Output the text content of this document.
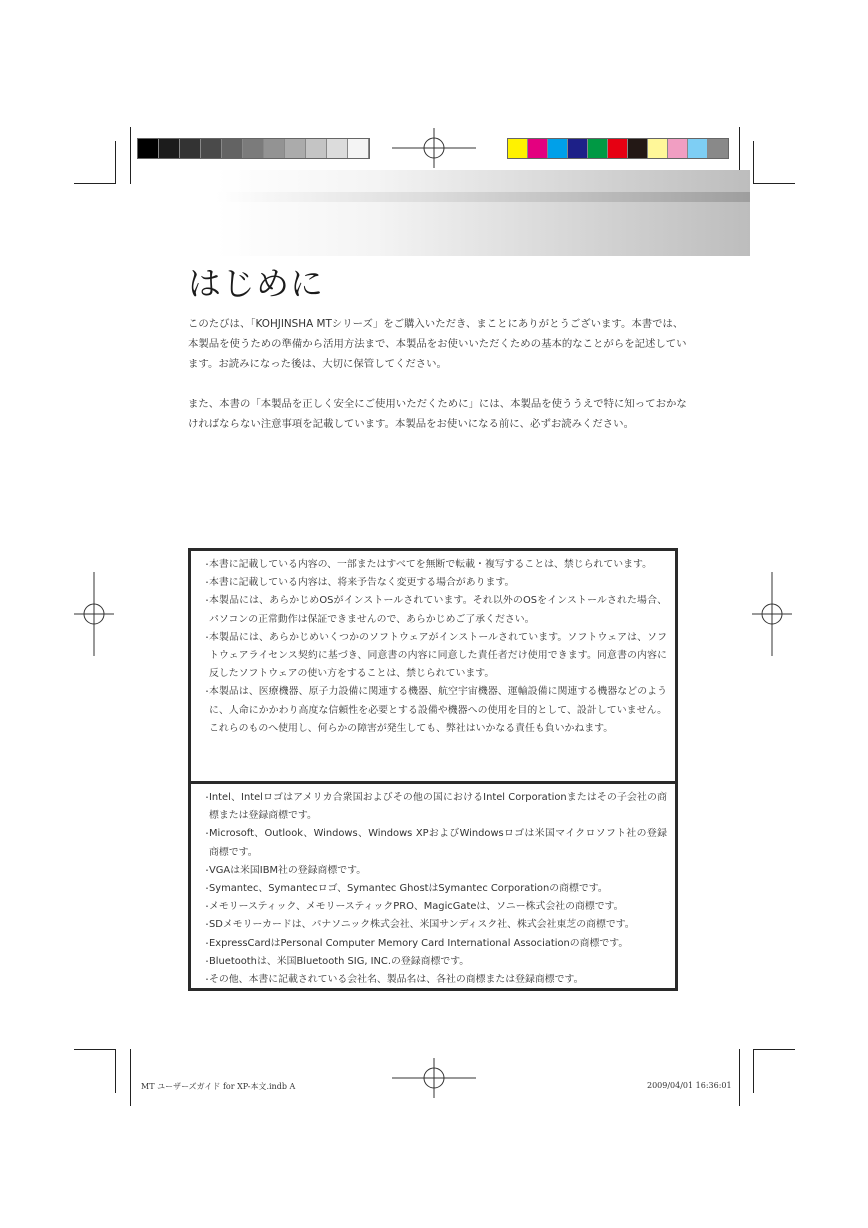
はじめに

このたびは、「KOHJINSHA MTシリーズ」をご購入いただき、まことにありがとうございます。本書では、本製品を使うための準備から活用方法まで、本製品をお使いいただくための基本的なことがらを記述しています。お読みになった後は、大切に保管してください。

また、本書の「本製品を正しく安全にご使用いただくために」には、本製品を使ううえで特に知っておかなければならない注意事項を記載しています。本製品をお使いになる前に、必ずお読みください。

・
本書に記載している内容の、一部またはすべてを無断で転載・複写することは、禁じられています。
・
本書に記載している内容は、将来予告なく変更する場合があります。
・
本製品には、あらかじめOSがインストールされています。それ以外のOSをインストールされた場合、パソコンの正常動作は保証できませんので、あらかじめご了承ください。
・
本製品には、あらかじめいくつかのソフトウェアがインストールされています。ソフトウェアは、ソフトウェアライセンス契約に基づき、同意書の内容に同意した責任者だけ使用できます。同意書の内容に反したソフトウェアの使い方をすることは、禁じられています。
・
本製品は、医療機器、原子力設備に関連する機器、航空宇宙機器、運輸設備に関連する機器などのように、人命にかかわり高度な信頼性を必要とする設備や機器への使用を目的として、設計していません。これらのものへ使用し、何らかの障害が発生しても、弊社はいかなる責任も負いかねます。
・
Intel、Intelロゴはアメリカ合衆国およびその他の国におけるIntel Corporationまたはその子会社の商標または登録商標です。
・
Microsoft、Outlook、Windows、Windows XPおよびWindowsロゴは米国マイクロソフト社の登録商標です。
・
VGAは米国IBM社の登録商標です。
・
Symantec、Symantecロゴ、Symantec GhostはSymantec Corporationの商標です。
・
メモリースティック、メモリースティックPRO、MagicGateは、ソニー株式会社の商標です。
・
SDメモリーカードは、パナソニック株式会社、米国サンディスク社、株式会社東芝の商標です。
・
ExpressCardはPersonal Computer Memory Card International Associationの商標です。
・
Bluetoothは、米国Bluetooth SIG, INC.の登録商標です。
・
その他、本書に記載されている会社名、製品名は、各社の商標または登録商標です。
MT ユーザーズガイド for XP-本文.indb A	2009/04/01 16:36:01
